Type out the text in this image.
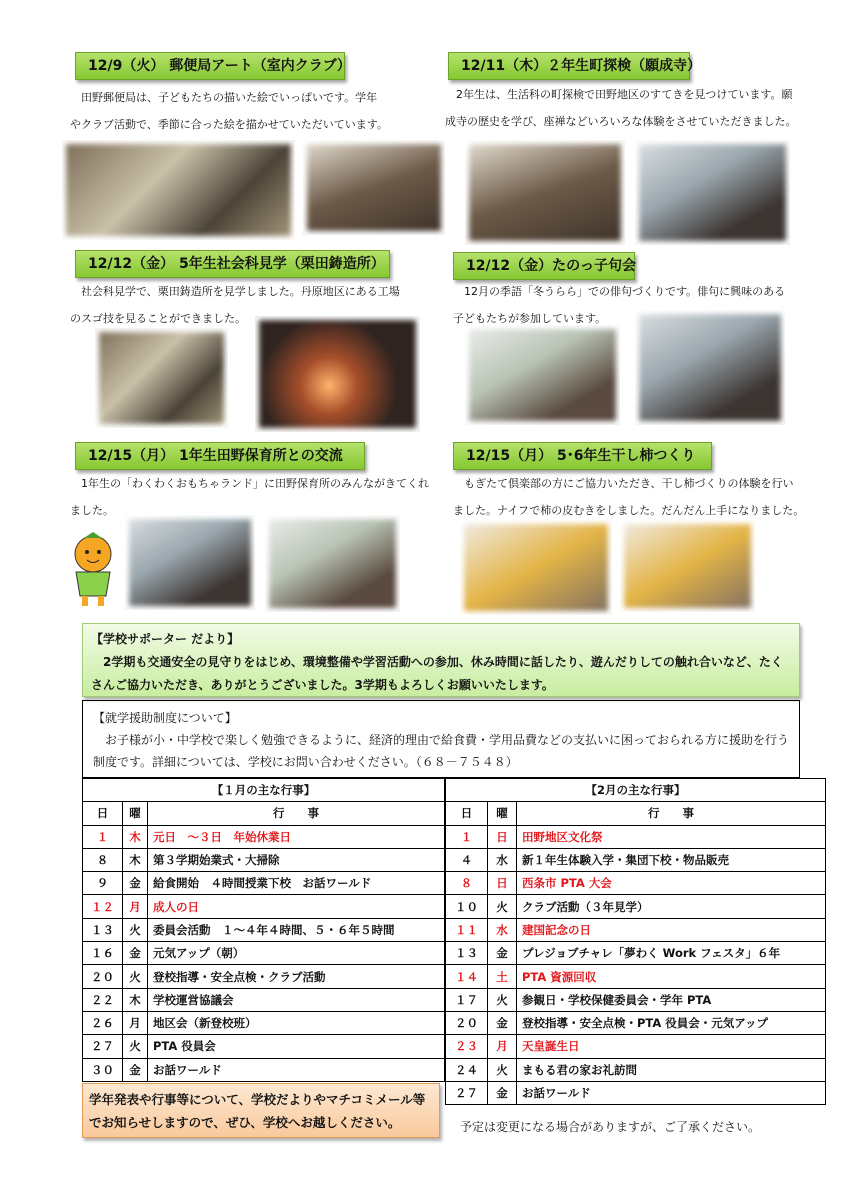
12/9（火） 郵便局アート（室内クラブ）
　田野郵便局は、子どもたちの描いた絵でいっぱいです。学年
やクラブ活動で、季節に合った絵を描かせていただいています。
12/11（木）２年生町探検（願成寺）
　2年生は、生活科の町探検で田野地区のすてきを見つけています。願
成寺の歴史を学び、座禅などいろいろな体験をさせていただきました。
12/12（金） 5年生社会科見学（栗田鋳造所）
　社会科見学で、栗田鋳造所を見学しました。丹原地区にある工場
のスゴ技を見ることができました。
12/12（金）たのっ子句会
　12月の季語「冬うらら」での俳句づくりです。俳句に興味のある
子どもたちが参加しています。
12/15（月） 1年生田野保育所との交流
　1年生の「わくわくおもちゃランド」に田野保育所のみんながきてくれ
ました。
12/15（月） 5･6年生干し柿つくり
　もぎたて倶楽部の方にご協力いただき、干し柿づくりの体験を行い
ました。ナイフで柿の皮むきをしました。だんだん上手になりました。
【学校サポーター だより】
　2学期も交通安全の見守りをはじめ、環境整備や学習活動への参加、休み時間に話したり、遊んだりしての触れ合いなど、たくさんご協力いただき、ありがとうございました。3学期もよろしくお願いいたします。
【就学援助制度について】
　お子様が小・中学校で楽しく勉強できるように、経済的理由で給食費・学用品費などの支払いに困っておられる方に援助を行う制度です。詳細については、学校にお問い合わせください。（６８－７５４８）
【１月の主な行事】		
日	曜	行　　事
１	木	元日　～３日　年始休業日
８	木	第３学期始業式・大掃除
９	金	給食開始　４時間授業下校　お話ワールド
１２	月	成人の日
１３	火	委員会活動　１～４年４時間、５・６年５時間
１６	金	元気アップ（朝）
２０	火	登校指導・安全点検・クラブ活動
２２	木	学校運営協議会
２６	月	地区会（新登校班）
２７	火	PTA 役員会
３０	金	お話ワールド
【2月の主な行事】		
日	曜	行　　事
１	日	田野地区文化祭
４	水	新１年生体験入学・集団下校・物品販売
８	日	西条市 PTA 大会
１０	火	クラブ活動（３年見学）
１１	水	建国記念の日
１３	金	プレジョブチャレ「夢わく Work フェスタ」６年
１４	土	PTA 資源回収
１７	火	参観日・学校保健委員会・学年 PTA
２０	金	登校指導・安全点検・PTA 役員会・元気アップ
２３	月	天皇誕生日
２４	火	まもる君の家お礼訪問
２７	金	お話ワールド
学年発表や行事等について、学校だよりやマチコミメール等でお知らせしますので、ぜひ、学校へお越しください。	予定は変更になる場合がありますが、ご了承ください。
